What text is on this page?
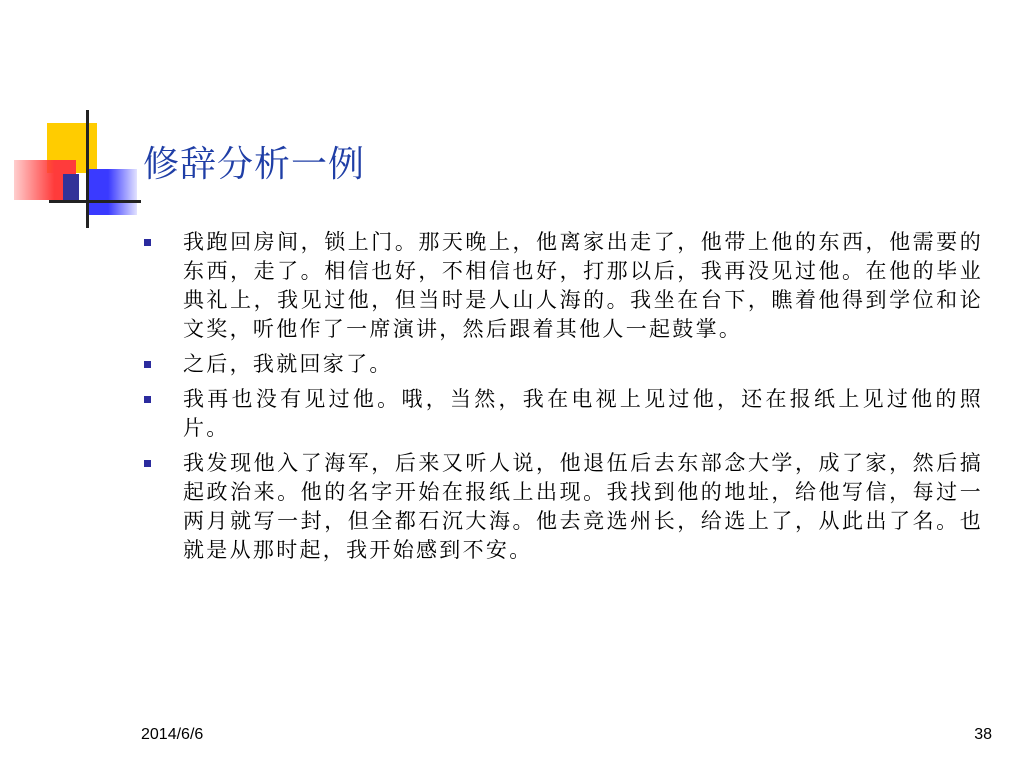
修辞分析一例
我跑回房间，锁上门。那天晚上，他离家出走了，他带上他的东西，他需要的东西，走了。相信也好，不相信也好，打那以后，我再没见过他。在他的毕业典礼上，我见过他，但当时是人山人海的。我坐在台下，瞧着他得到学位和论文奖，听他作了一席演讲，然后跟着其他人一起鼓掌。
之后，我就回家了。
我再也没有见过他。哦，当然，我在电视上见过他，还在报纸上见过他的照片。
我发现他入了海军，后来又听人说，他退伍后去东部念大学，成了家，然后搞起政治来。他的名字开始在报纸上出现。我找到他的地址，给他写信，每过一两月就写一封，但全都石沉大海。他去竞选州长，给选上了，从此出了名。也就是从那时起，我开始感到不安。
2014/6/6	38
